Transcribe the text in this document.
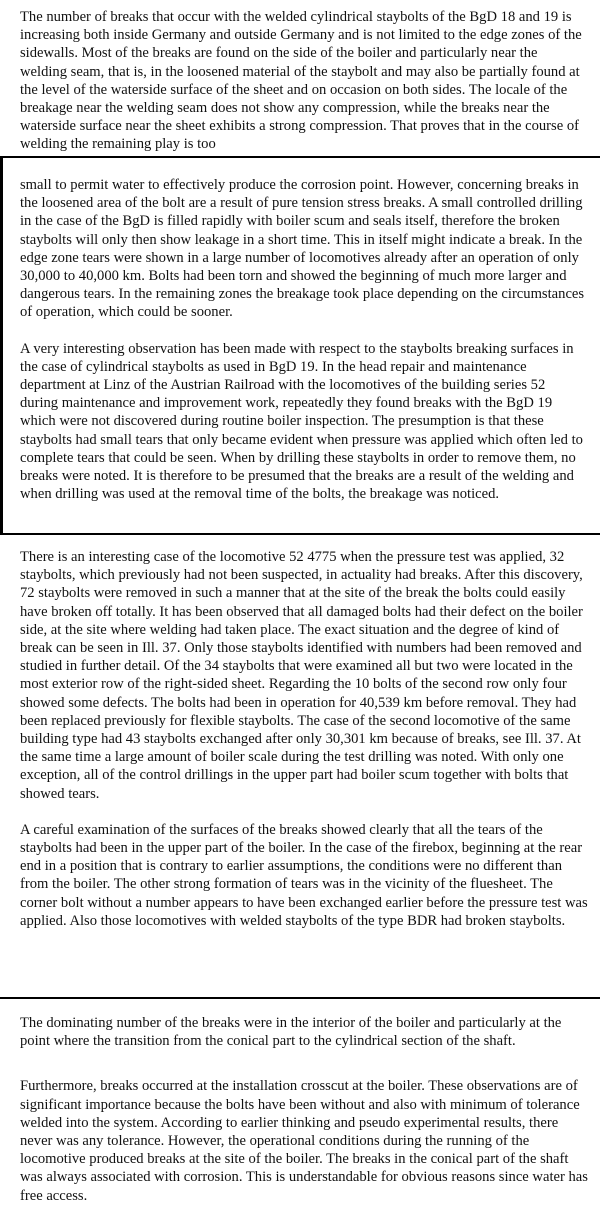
The number of breaks that occur with the welded cylindrical staybolts of the BgD 18 and 19 is increasing both inside Germany and outside Germany and is not limited to the edge zones of the sidewalls. Most of the breaks are found on the side of the boiler and particularly near the welding seam, that is, in the loosened material of the staybolt and may also be partially found at the level of the waterside surface of the sheet and on occasion on both sides. The locale of the breakage near the welding seam does not show any compression, while the breaks near the waterside surface near the sheet exhibits a strong compression. That proves that in the course of welding the remaining play is too

small to permit water to effectively produce the corrosion point. However, concerning breaks in the loosened area of the bolt are a result of pure tension stress breaks. A small controlled drilling in the case of the BgD is filled rapidly with boiler scum and seals itself, therefore the broken staybolts will only then show leakage in a short time. This in itself might indicate a break. In the edge zone tears were shown in a large number of locomotives already after an operation of only 30,000 to 40,000 km. Bolts had been torn and showed the beginning of much more larger and dangerous tears. In the remaining zones the breakage took place depending on the circumstances of operation, which could be sooner.

A very interesting observation has been made with respect to the staybolts breaking surfaces in the case of cylindrical staybolts as used in BgD 19. In the head repair and maintenance department at Linz of the Austrian Railroad with the locomotives of the building series 52 during maintenance and improvement work, repeatedly they found breaks with the BgD 19 which were not discovered during routine boiler inspection. The presumption is that these staybolts had small tears that only became evident when pressure was applied which often led to complete tears that could be seen. When by drilling these staybolts in order to remove them, no breaks were noted. It is therefore to be presumed that the breaks are a result of the welding and when drilling was used at the removal time of the bolts, the breakage was noticed.

There is an interesting case of the locomotive 52 4775 when the pressure test was applied, 32 staybolts, which previously had not been suspected, in actuality had breaks. After this discovery, 72 staybolts were removed in such a manner that at the site of the break the bolts could easily have broken off totally. It has been observed that all damaged bolts had their defect on the boiler side, at the site where welding had taken place. The exact situation and the degree of kind of break can be seen in Ill. 37. Only those staybolts identified with numbers had been removed and studied in further detail. Of the 34 staybolts that were examined all but two were located in the most exterior row of the right-sided sheet. Regarding the 10 bolts of the second row only four showed some defects. The bolts had been in operation for 40,539 km before removal. They had been replaced previously for flexible staybolts. The case of the second locomotive of the same building type had 43 staybolts exchanged after only 30,301 km because of breaks, see Ill. 37. At the same time a large amount of boiler scale during the test drilling was noted. With only one exception, all of the control drillings in the upper part had boiler scum together with bolts that showed tears.

A careful examination of the surfaces of the breaks showed clearly that all the tears of the staybolts had been in the upper part of the boiler. In the case of the firebox, beginning at the rear end in a position that is contrary to earlier assumptions, the conditions were no different than from the boiler. The other strong formation of tears was in the vicinity of the fluesheet. The corner bolt without a number appears to have been exchanged earlier before the pressure test was applied. Also those locomotives with welded staybolts of the type BDR had broken staybolts.

The dominating number of the breaks were in the interior of the boiler and particularly at the point where the transition from the conical part to the cylindrical section of the shaft.

Furthermore, breaks occurred at the installation crosscut at the boiler. These observations are of significant importance because the bolts have been without and also with minimum of tolerance welded into the system. According to earlier thinking and pseudo experimental results, there never was any tolerance. However, the operational conditions during the running of the locomotive produced breaks at the site of the boiler. The breaks in the conical part of the shaft was always associated with corrosion. This is understandable for obvious reasons since water has free access.
